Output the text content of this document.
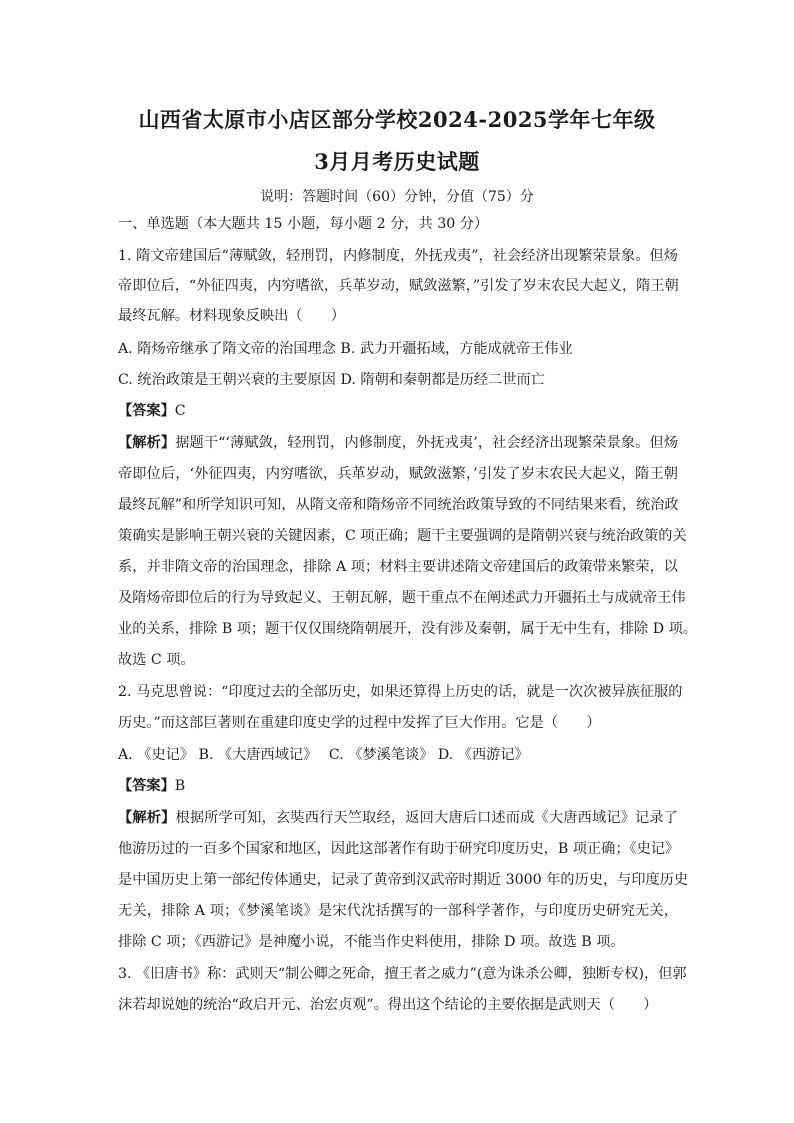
山西省太原市小店区部分学校2024-2025学年七年级
3月月考历史试题
说明：答题时间（60）分钟，分值（75）分
一、单选题（本大题共 15 小题，每小题 2 分，共 30 分）
1. 隋文帝建国后“薄赋敛，轻刑罚，内修制度，外抚戎夷”，社会经济出现繁荣景象。但炀
帝即位后，“外征四夷，内穷嗜欲，兵革岁动，赋敛滋繁，”引发了岁末农民大起义，隋王朝
最终瓦解。材料现象反映出（　　）
A. 隋炀帝继承了隋文帝的治国理念 B. 武力开疆拓域，方能成就帝王伟业
C. 统治政策是王朝兴衰的主要原因 D. 隋朝和秦朝都是历经二世而亡
【答案】C
【解析】据题干“‘薄赋敛，轻刑罚，内修制度，外抚戎夷’，社会经济出现繁荣景象。但炀
帝即位后，‘外征四夷，内穷嗜欲，兵革岁动，赋敛滋繁，’引发了岁末农民大起义，隋王朝
最终瓦解”和所学知识可知，从隋文帝和隋炀帝不同统治政策导致的不同结果来看，统治政
策确实是影响王朝兴衰的关键因素，C 项正确；题干主要强调的是隋朝兴衰与统治政策的关
系，并非隋文帝的治国理念，排除 A 项；材料主要讲述隋文帝建国后的政策带来繁荣，以
及隋炀帝即位后的行为导致起义、王朝瓦解，题干重点不在阐述武力开疆拓土与成就帝王伟
业的关系，排除 B 项；题干仅仅围绕隋朝展开，没有涉及秦朝，属于无中生有，排除 D 项。
故选 C 项。
2. 马克思曾说：“印度过去的全部历史，如果还算得上历史的话，就是一次次被异族征服的
历史。”而这部巨著则在重建印度史学的过程中发挥了巨大作用。它是（　　）
A. 《史记》 B. 《大唐西域记》　 C. 《梦溪笔谈》 D. 《西游记》
【答案】B
【解析】根据所学可知，玄奘西行天竺取经，返回大唐后口述而成《大唐西域记》记录了
他游历过的一百多个国家和地区，因此这部著作有助于研究印度历史，B 项正确；《史记》
是中国历史上第一部纪传体通史，记录了黄帝到汉武帝时期近 3000 年的历史，与印度历史
无关，排除 A 项；《梦溪笔谈》是宋代沈括撰写的一部科学著作，与印度历史研究无关，
排除 C 项；《西游记》是神魔小说，不能当作史料使用，排除 D 项。故选 B 项。
3. 《旧唐书》称：武则天“制公卿之死命，擅王者之威力”(意为诛杀公卿，独断专权)，但郭
沫若却说她的统治“政启开元、治宏贞观”。得出这个结论的主要依据是武则天（　　）
